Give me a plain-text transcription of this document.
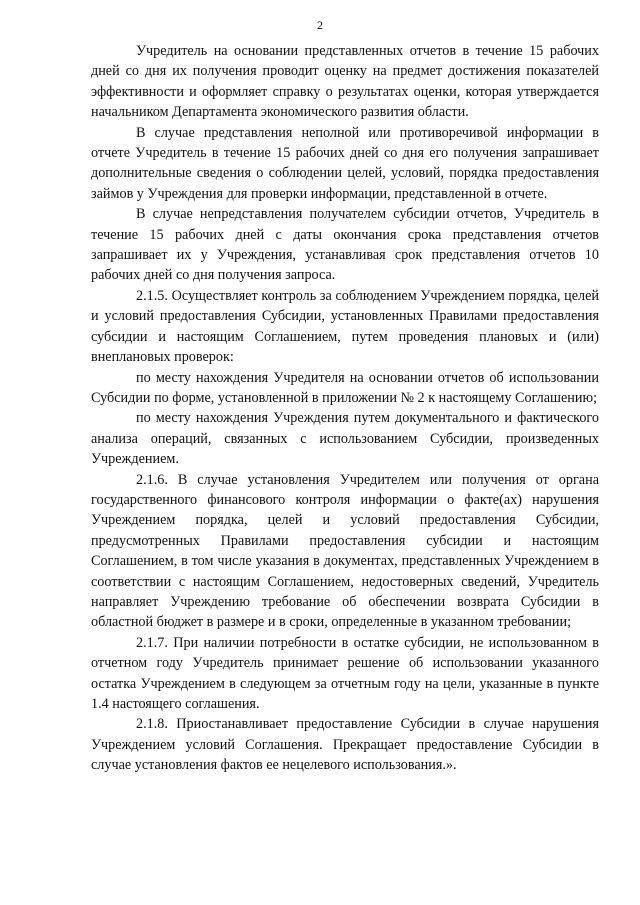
2

Учредитель на основании представленных отчетов в течение 15 рабочих дней со дня их получения проводит оценку на предмет достижения показателей эффективности и оформляет справку о результатах оценки, которая утверждается начальником Департамента экономического развития области.

В случае представления неполной или противоречивой информации в отчете Учредитель в течение 15 рабочих дней со дня его получения запрашивает дополнительные сведения о соблюдении целей, условий, порядка предоставления займов у Учреждения для проверки информации, представленной в отчете.

В случае непредставления получателем субсидии отчетов, Учредитель в течение 15 рабочих дней с даты окончания срока представления отчетов запрашивает их у Учреждения, устанавливая срок представления отчетов 10 рабочих дней со дня получения запроса.

2.1.5. Осуществляет контроль за соблюдением Учреждением порядка, целей и условий предоставления Субсидии, установленных Правилами предоставления субсидии и настоящим Соглашением, путем проведения плановых и (или) внеплановых проверок:

по месту нахождения Учредителя на основании отчетов об использовании Субсидии по форме, установленной в приложении № 2 к настоящему Соглашению;

по месту нахождения Учреждения путем документального и фактического анализа операций, связанных с использованием Субсидии, произведенных Учреждением.

2.1.6. В случае установления Учредителем или получения от органа государственного финансового контроля информации о факте(ах) нарушения Учреждением порядка, целей и условий предоставления Субсидии, предусмотренных Правилами предоставления субсидии и настоящим Соглашением, в том числе указания в документах, представленных Учреждением в соответствии с настоящим Соглашением, недостоверных сведений, Учредитель направляет Учреждению требование об обеспечении возврата Субсидии в областной бюджет в размере и в сроки, определенные в указанном требовании;

2.1.7. При наличии потребности в остатке субсидии, не использованном в отчетном году Учредитель принимает решение об использовании указанного остатка Учреждением в следующем за отчетным году на цели, указанные в пункте 1.4 настоящего соглашения.

2.1.8. Приостанавливает предоставление Субсидии в случае нарушения Учреждением условий Соглашения. Прекращает предоставление Субсидии в случае установления фактов ее нецелевого использования.».
